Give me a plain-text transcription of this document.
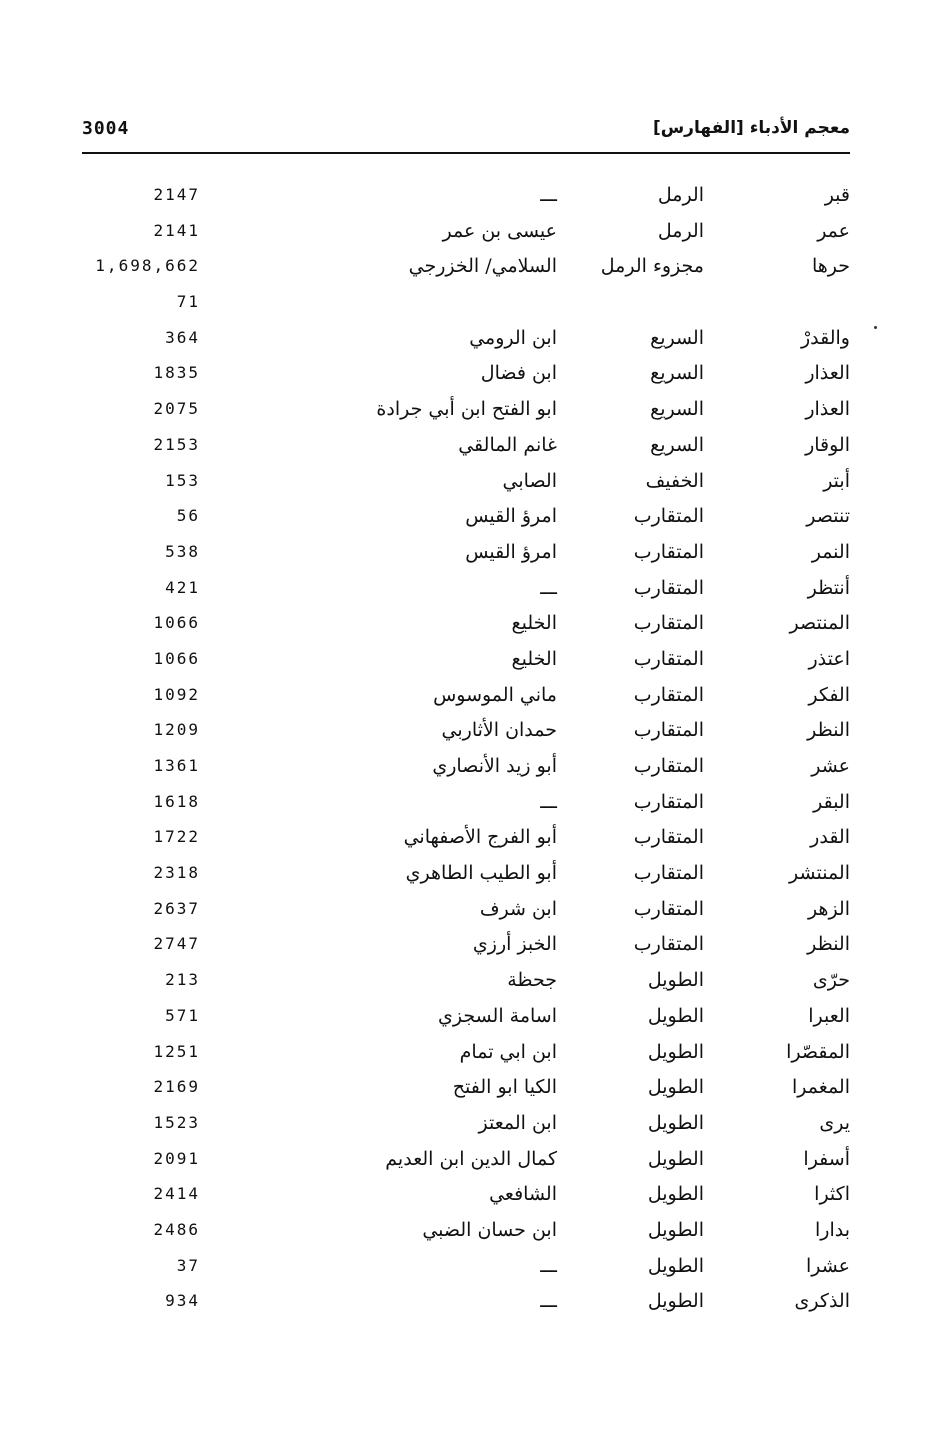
3004	معجم الأدباء [الفهارس]
قبر
الرمل
ـــ
2147
عمر
الرمل
عيسى بن عمر
2141
حرها
مجزوء الرمل
السلامي/ الخزرجي
1,698,662
71
والقدرْ
السريع
ابن الرومي
364
العذار
السريع
ابن فضال
1835
العذار
السريع
ابو الفتح ابن أبي جرادة
2075
الوقار
السريع
غانم المالقي
2153
أبتر
الخفيف
الصابي
153
تنتصر
المتقارب
امرؤ القيس
56
النمر
المتقارب
امرؤ القيس
538
أنتظر
المتقارب
ـــ
421
المنتصر
المتقارب
الخليع
1066
اعتذر
المتقارب
الخليع
1066
الفكر
المتقارب
ماني الموسوس
1092
النظر
المتقارب
حمدان الأثاربي
1209
عشر
المتقارب
أبو زيد الأنصاري
1361
البقر
المتقارب
ـــ
1618
القدر
المتقارب
أبو الفرج الأصفهاني
1722
المنتشر
المتقارب
أبو الطيب الطاهري
2318
الزهر
المتقارب
ابن شرف
2637
النظر
المتقارب
الخبز أرزي
2747
حرّى
الطويل
جحظة
213
العبرا
الطويل
اسامة السجزي
571
المقصّرا
الطويل
ابن ابي تمام
1251
المغمرا
الطويل
الكيا ابو الفتح
2169
يرى
الطويل
ابن المعتز
1523
أسفرا
الطويل
كمال الدين ابن العديم
2091
اكثرا
الطويل
الشافعي
2414
بدارا
الطويل
ابن حسان الضبي
2486
عشرا
الطويل
ـــ
37
الذكرى
الطويل
ـــ
934
